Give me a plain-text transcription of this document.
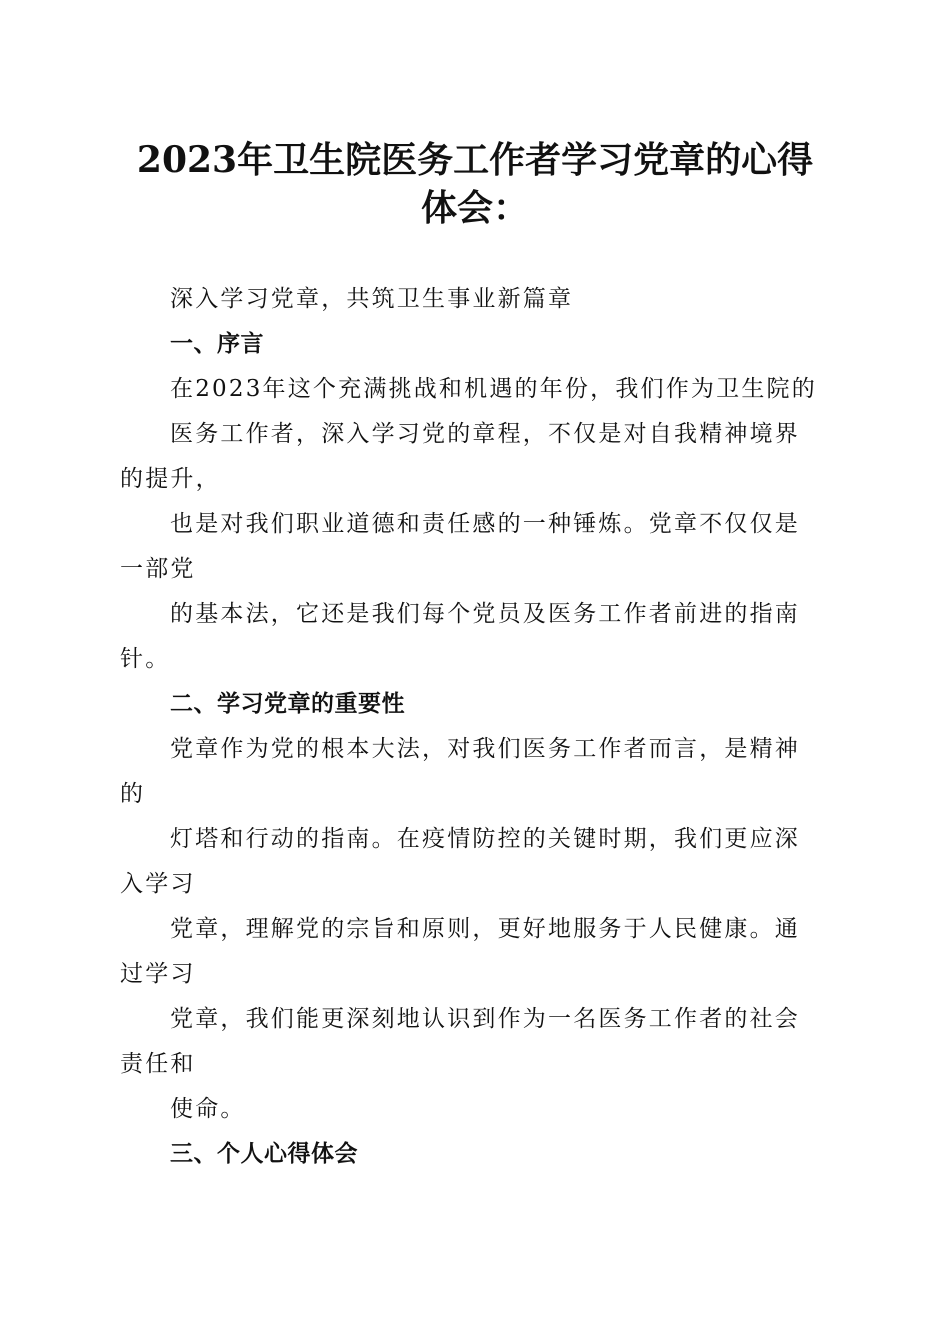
2023年卫生院医务工作者学习党章的心得体会：

深入学习党章，共筑卫生事业新篇章

一、序言

在2023年这个充满挑战和机遇的年份，我们作为卫生院的

医务工作者，深入学习党的章程，不仅是对自我精神境界

的提升，

也是对我们职业道德和责任感的一种锤炼。党章不仅仅是

一部党

的基本法，它还是我们每个党员及医务工作者前进的指南

针。

二、学习党章的重要性

党章作为党的根本大法，对我们医务工作者而言，是精神

的

灯塔和行动的指南。在疫情防控的关键时期，我们更应深

入学习

党章，理解党的宗旨和原则，更好地服务于人民健康。通

过学习

党章，我们能更深刻地认识到作为一名医务工作者的社会

责任和

使命。

三、个人心得体会
